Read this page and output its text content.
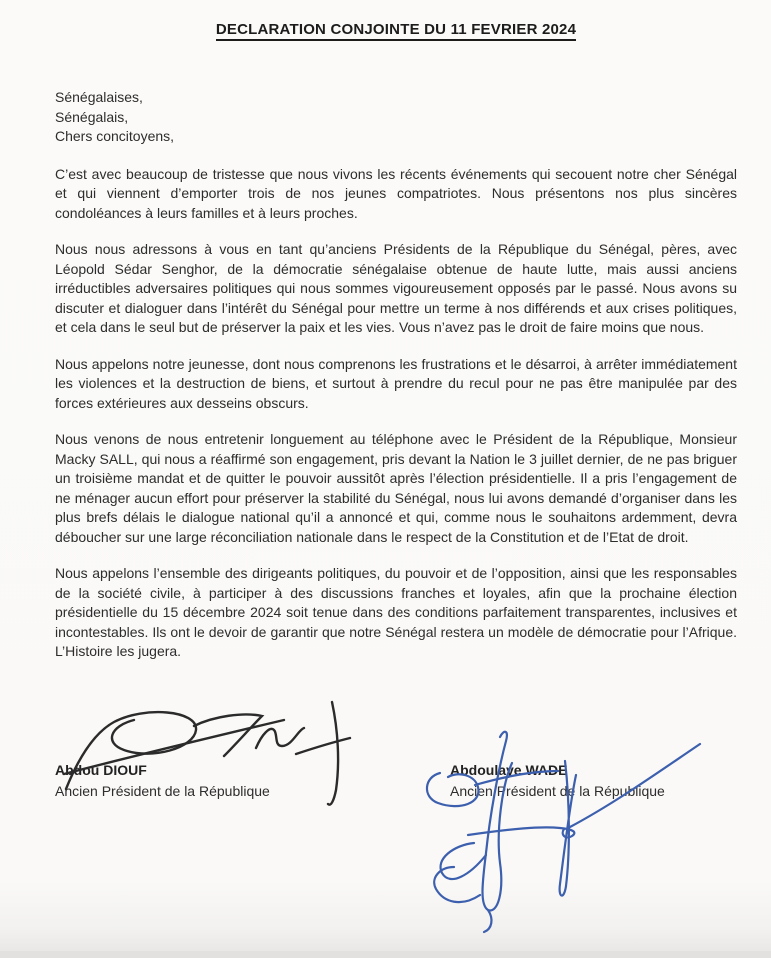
DECLARATION CONJOINTE DU 11 FEVRIER 2024
Sénégalaises,
Sénégalais,
Chers concitoyens,

C’est avec beaucoup de tristesse que nous vivons les récents événements qui secouent notre cher Sénégal et qui viennent d’emporter trois de nos jeunes compatriotes. Nous présentons nos plus sincères condoléances à leurs familles et à leurs proches.

Nous nous adressons à vous en tant qu’anciens Présidents de la République du Sénégal, pères, avec Léopold Sédar Senghor, de la démocratie sénégalaise obtenue de haute lutte, mais aussi anciens irréductibles adversaires politiques qui nous sommes vigoureusement opposés par le passé. Nous avons su discuter et dialoguer dans l’intérêt du Sénégal pour mettre un terme à nos différends et aux crises politiques, et cela dans le seul but de préserver la paix et les vies. Vous n’avez pas le droit de faire moins que nous.

Nous appelons notre jeunesse, dont nous comprenons les frustrations et le désarroi, à arrêter immédiatement les violences et la destruction de biens, et surtout à prendre du recul pour ne pas être manipulée par des forces extérieures aux desseins obscurs.

Nous venons de nous entretenir longuement au téléphone avec le Président de la République, Monsieur Macky SALL, qui nous a réaffirmé son engagement, pris devant la Nation le 3 juillet dernier, de ne pas briguer un troisième mandat et de quitter le pouvoir aussitôt après l’élection présidentielle. Il a pris l’engagement de ne ménager aucun effort pour préserver la stabilité du Sénégal, nous lui avons demandé d’organiser dans les plus brefs délais le dialogue national qu’il a annoncé et qui, comme nous le souhaitons ardemment, devra déboucher sur une large réconciliation nationale dans le respect de la Constitution et de l’Etat de droit.

Nous appelons l’ensemble des dirigeants politiques, du pouvoir et de l’opposition, ainsi que les responsables de la société civile, à participer à des discussions franches et loyales, afin que la prochaine élection présidentielle du 15 décembre 2024 soit tenue dans des conditions parfaitement transparentes, inclusives et incontestables. Ils ont le devoir de garantir que notre Sénégal restera un modèle de démocratie pour l’Afrique. L’Histoire les jugera.

Abdou DIOUF
Ancien Président de la République
Abdoulaye WADE
Ancien Président de la République
